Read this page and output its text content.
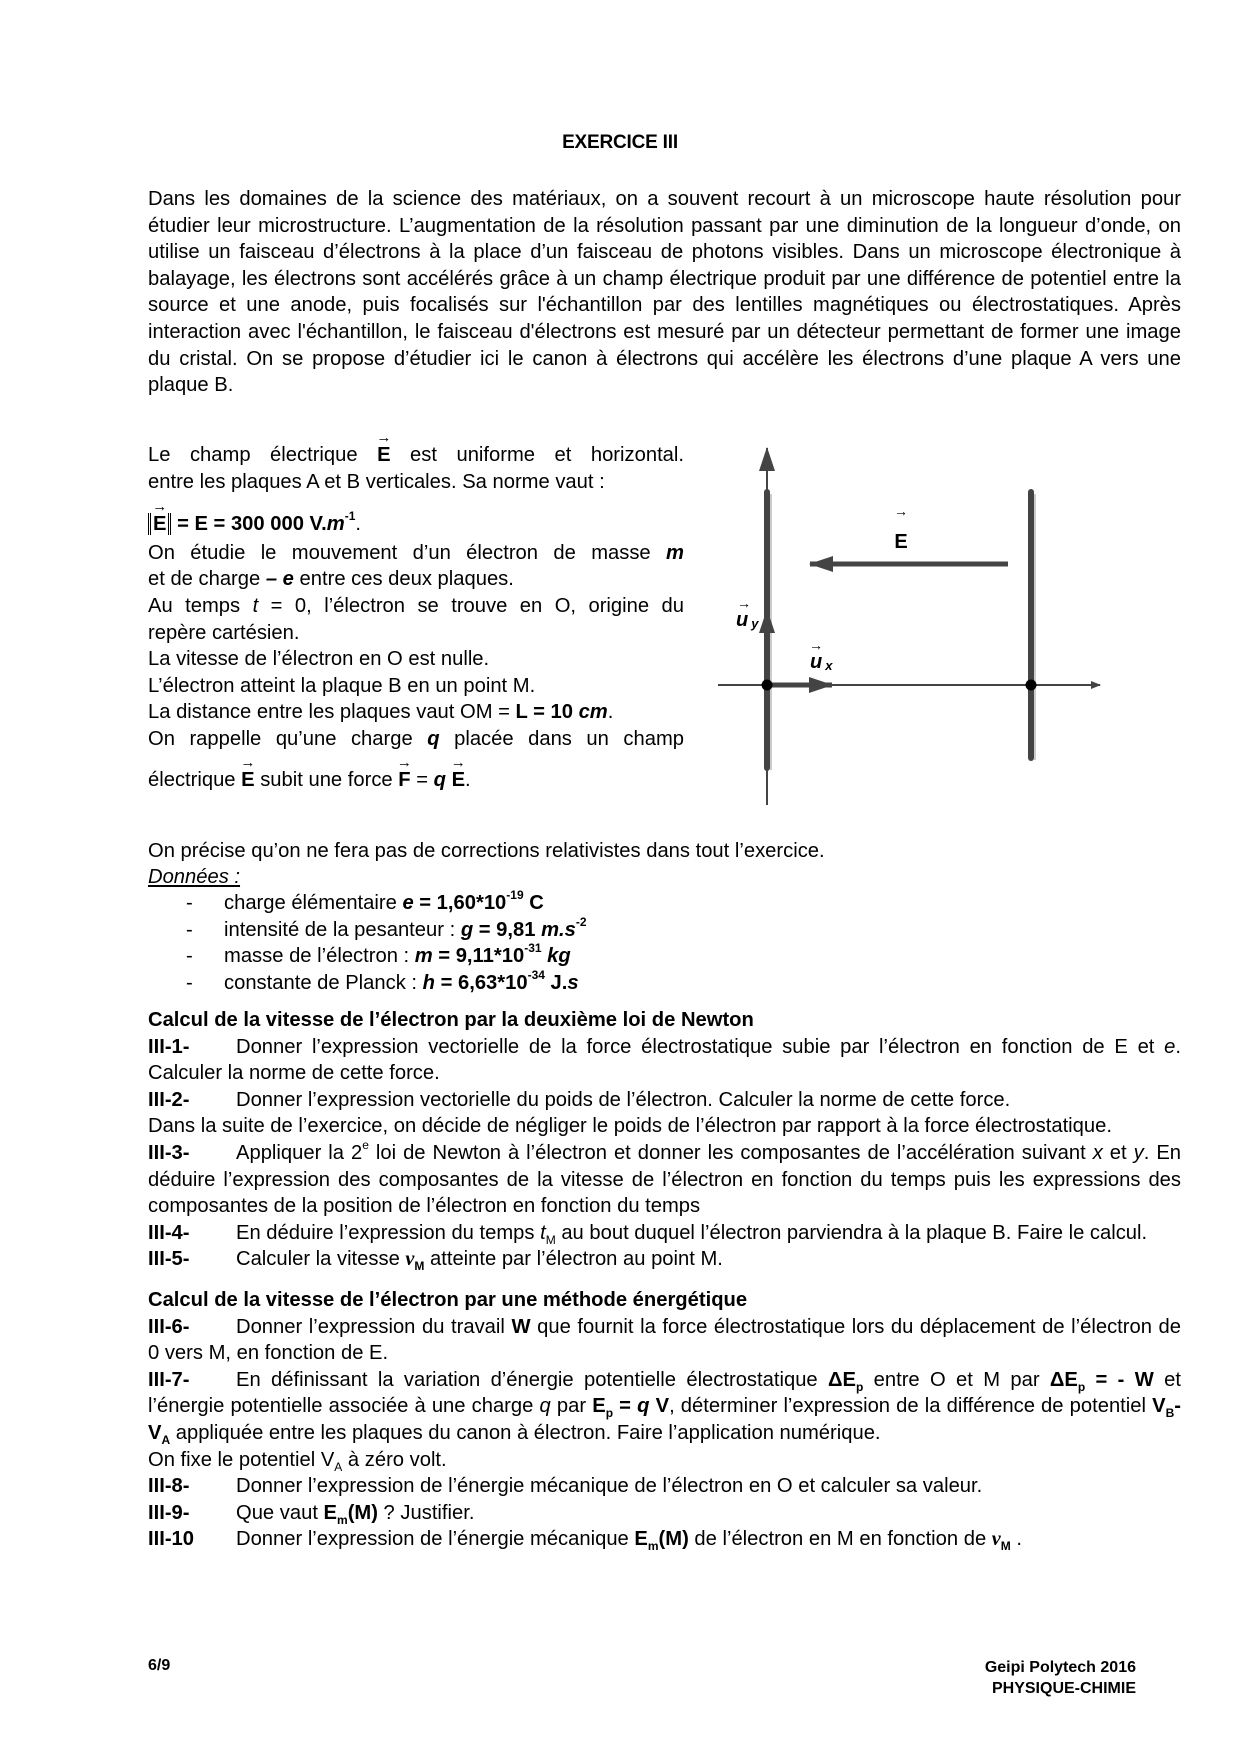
EXERCICE III
Dans les domaines de la science des matériaux, on a souvent recourt à un microscope haute résolution pour étudier leur microstructure. L’augmentation de la résolution passant par une diminution de la longueur d’onde, on utilise un faisceau d’électrons à la place d’un faisceau de photons visibles. Dans un microscope électronique à balayage, les électrons sont accélérés grâce à un champ électrique produit par une différence de potentiel entre la source et une anode, puis focalisés sur l'échantillon par des lentilles magnétiques ou électrostatiques. Après interaction avec l'échantillon, le faisceau d'électrons est mesuré par un détecteur permettant de former une image du cristal. On se propose d’étudier ici le canon à électrons qui accélère les électrons d’une plaque A vers une plaque B.
Le champ électrique → E est uniforme et horizontal.
entre les plaques A et B verticales. Sa norme vaut :
→ E = E = 300 000 $V.m^{-1}$.
On étudie le mouvement d’un électron de masse m
et de charge – e entre ces deux plaques.
Au temps t = 0, l’électron se trouve en O, origine du
repère cartésien.
La vitesse de l’électron en O est nulle.
L’électron atteint la plaque B en un point M.
La distance entre les plaques vaut OM = L = 10 cm.
On rappelle qu’une charge q placée dans un champ
électrique → E subit une force → F = q → E.
→
E
→
uy
→
ux
On précise qu’on ne fera pas de corrections relativistes dans tout l’exercice.
Données :
-	charge élémentaire $e = 1,60*10^{-19}$ C
-	intensité de la pesanteur : g = 9,81 $m.s^{-2}$
-	masse de l’électron : $m = 9,11*10^{-31}$ kg
-	constante de Planck : $h = 6,63*10^{-34}$ J.s
Calcul de la vitesse de l’électron par la deuxième loi de Newton
III-1- Donner l’expression vectorielle de la force électrostatique subie par l’électron en fonction de E et e. Calculer la norme de cette force.
III-2- Donner l’expression vectorielle du poids de l’électron. Calculer la norme de cette force.
Dans la suite de l’exercice, on décide de négliger le poids de l’électron par rapport à la force électrostatique.
III-3- Appliquer la 2e loi de Newton à l’électron et donner les composantes de l’accélération suivant x et y. En déduire l’expression des composantes de la vitesse de l’électron en fonction du temps puis les expressions des composantes de la position de l’électron en fonction du temps
III-4- En déduire l’expression du temps $t_M$ au bout duquel l’électron parviendra à la plaque B. Faire le calcul.
III-5- Calculer la vitesse $v_M$ atteinte par l’électron au point M.
Calcul de la vitesse de l’électron par une méthode énergétique
III-6- Donner l’expression du travail W que fournit la force électrostatique lors du déplacement de l’électron de 0 vers M, en fonction de E.
III-7- En définissant la variation d’énergie potentielle électrostatique $\Delta E_p$ entre O et M par $\Delta E_p$ = - W et l’énergie potentielle associée à une charge q par $E_p = q$ V, déterminer l’expression de la différence de potentiel $V_B-V_A$ appliquée entre les plaques du canon à électron. Faire l’application numérique.
On fixe le potentiel $V_A$ à zéro volt.
III-8- Donner l’expression de l’énergie mécanique de l’électron en O et calculer sa valeur.
III-9- Que vaut $E_m(M)$ ? Justifier.
III-10 Donner l’expression de l’énergie mécanique $E_m(M)$ de l’électron en M en fonction de $v_M$ .
6/9	Geipi Polytech 2016
PHYSIQUE-CHIMIE
